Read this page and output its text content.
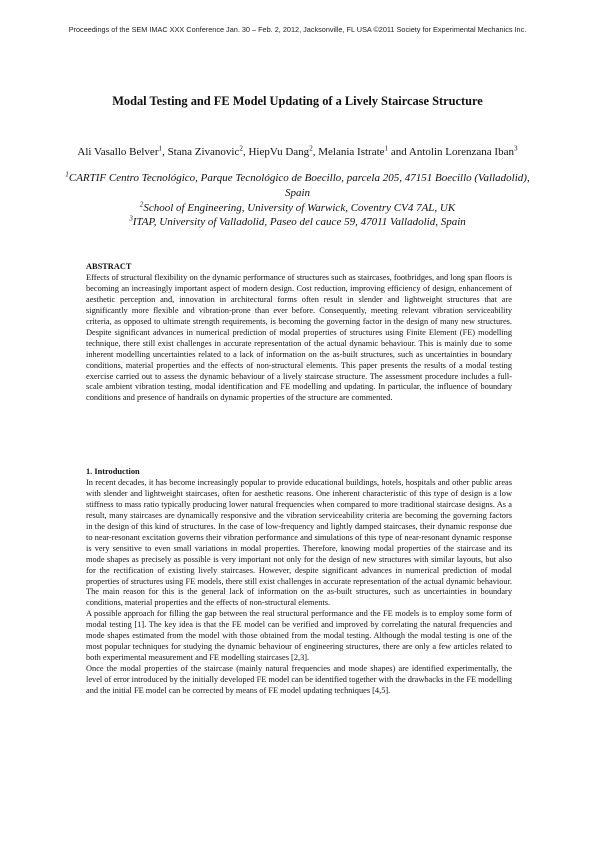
Proceedings of the SEM IMAC XXX Conference Jan. 30 – Feb. 2, 2012, Jacksonville, FL USA ©2011 Society for Experimental Mechanics Inc.
Modal Testing and FE Model Updating of a Lively Staircase Structure

Ali Vasallo Belver$^1$, Stana Zivanovic$^2$, HiepVu Dang$^2$, Melania Istrate$^1$ and Antolin Lorenzana Iban$^3$

$^1$CARTIF Centro Tecnológico, Parque Tecnológico de Boecillo, parcela 205, 47151 Boecillo (Valladolid), Spain

$^2$School of Engineering, University of Warwick, Coventry CV4 7AL, UK

$^3$ITAP, University of Valladolid, Paseo del cauce 59, 47011 Valladolid, Spain

ABSTRACT

Effects of structural flexibility on the dynamic performance of structures such as staircases, footbridges, and long span floors is becoming an increasingly important aspect of modern design. Cost reduction, improving efficiency of design, enhancement of aesthetic perception and, innovation in architectural forms often result in slender and lightweight structures that are significantly more flexible and vibration-prone than ever before. Consequently, meeting relevant vibration serviceability criteria, as opposed to ultimate strength requirements, is becoming the governing factor in the design of many new structures. Despite significant advances in numerical prediction of modal properties of structures using Finite Element (FE) modelling technique, there still exist challenges in accurate representation of the actual dynamic behaviour. This is mainly due to some inherent modelling uncertainties related to a lack of information on the as-built structures, such as uncertainties in boundary conditions, material properties and the effects of non-structural elements. This paper presents the results of a modal testing exercise carried out to assess the dynamic behaviour of a lively staircase structure. The assessment procedure includes a full-scale ambient vibration testing, modal identification and FE modelling and updating. In particular, the influence of boundary conditions and presence of handrails on dynamic properties of the structure are commented.

1. Introduction

In recent decades, it has become increasingly popular to provide educational buildings, hotels, hospitals and other public areas with slender and lightweight staircases, often for aesthetic reasons. One inherent characteristic of this type of design is a low stiffness to mass ratio typically producing lower natural frequencies when compared to more traditional staircase designs. As a result, many staircases are dynamically responsive and the vibration serviceability criteria are becoming the governing factors in the design of this kind of structures. In the case of low-frequency and lightly damped staircases, their dynamic response due to near-resonant excitation governs their vibration performance and simulations of this type of near-resonant dynamic response is very sensitive to even small variations in modal properties. Therefore, knowing modal properties of the staircase and its mode shapes as precisely as possible is very important not only for the design of new structures with similar layouts, but also for the rectification of existing lively staircases. However, despite significant advances in numerical prediction of modal properties of structures using FE models, there still exist challenges in accurate representation of the actual dynamic behaviour. The main reason for this is the general lack of information on the as-built structures, such as uncertainties in boundary conditions, material properties and the effects of non-structural elements.

A possible approach for filling the gap between the real structural performance and the FE models is to employ some form of modal testing [1]. The key idea is that the FE model can be verified and improved by correlating the natural frequencies and mode shapes estimated from the model with those obtained from the modal testing. Although the modal testing is one of the most popular techniques for studying the dynamic behaviour of engineering structures, there are only a few articles related to both experimental measurement and FE modelling staircases [2,3].

Once the modal properties of the staircase (mainly natural frequencies and mode shapes) are identified experimentally, the level of error introduced by the initially developed FE model can be identified together with the drawbacks in the FE modelling and the initial FE model can be corrected by means of FE model updating techniques [4,5].
